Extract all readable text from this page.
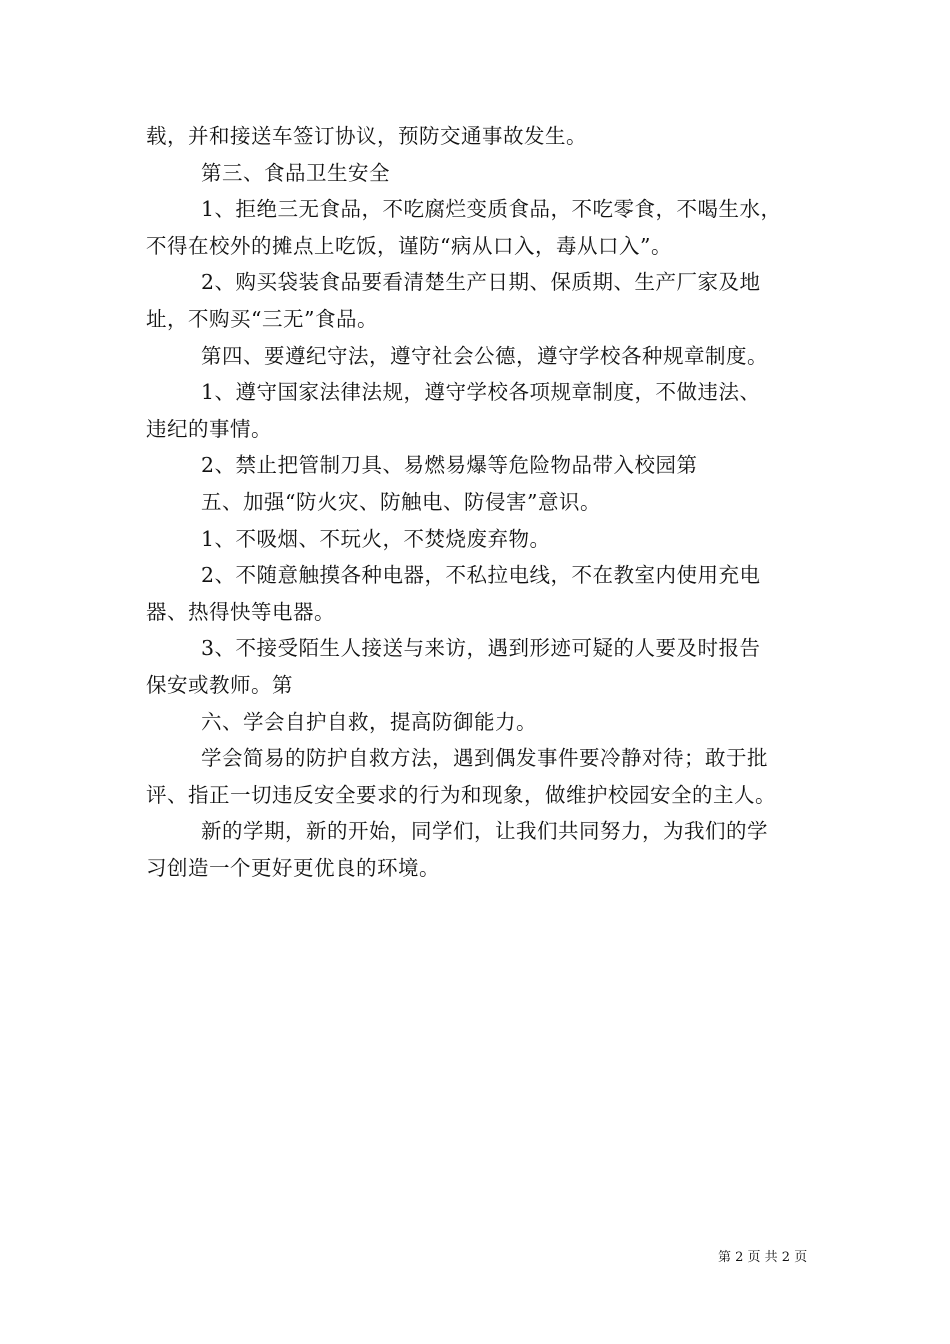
载，并和接送车签订协议，预防交通事故发生。
第三、食品卫生安全
1、拒绝三无食品，不吃腐烂变质食品，不吃零食，不喝生水，
不得在校外的摊点上吃饭，谨防“病从口入，毒从口入”。
2、购买袋装食品要看清楚生产日期、保质期、生产厂家及地
址，不购买“三无”食品。
第四、要遵纪守法，遵守社会公德，遵守学校各种规章制度。
1、遵守国家法律法规，遵守学校各项规章制度，不做违法、
违纪的事情。
2、禁止把管制刀具、易燃易爆等危险物品带入校园第
五、加强“防火灾、防触电、防侵害”意识。
1、不吸烟、不玩火，不焚烧废弃物。
2、不随意触摸各种电器，不私拉电线，不在教室内使用充电
器、热得快等电器。
3、不接受陌生人接送与来访，遇到形迹可疑的人要及时报告
保安或教师。第
六、学会自护自救，提高防御能力。
学会简易的防护自救方法，遇到偶发事件要冷静对待；敢于批
评、指正一切违反安全要求的行为和现象，做维护校园安全的主人。
新的学期，新的开始，同学们，让我们共同努力，为我们的学
习创造一个更好更优良的环境。
第 2 页 共 2 页
